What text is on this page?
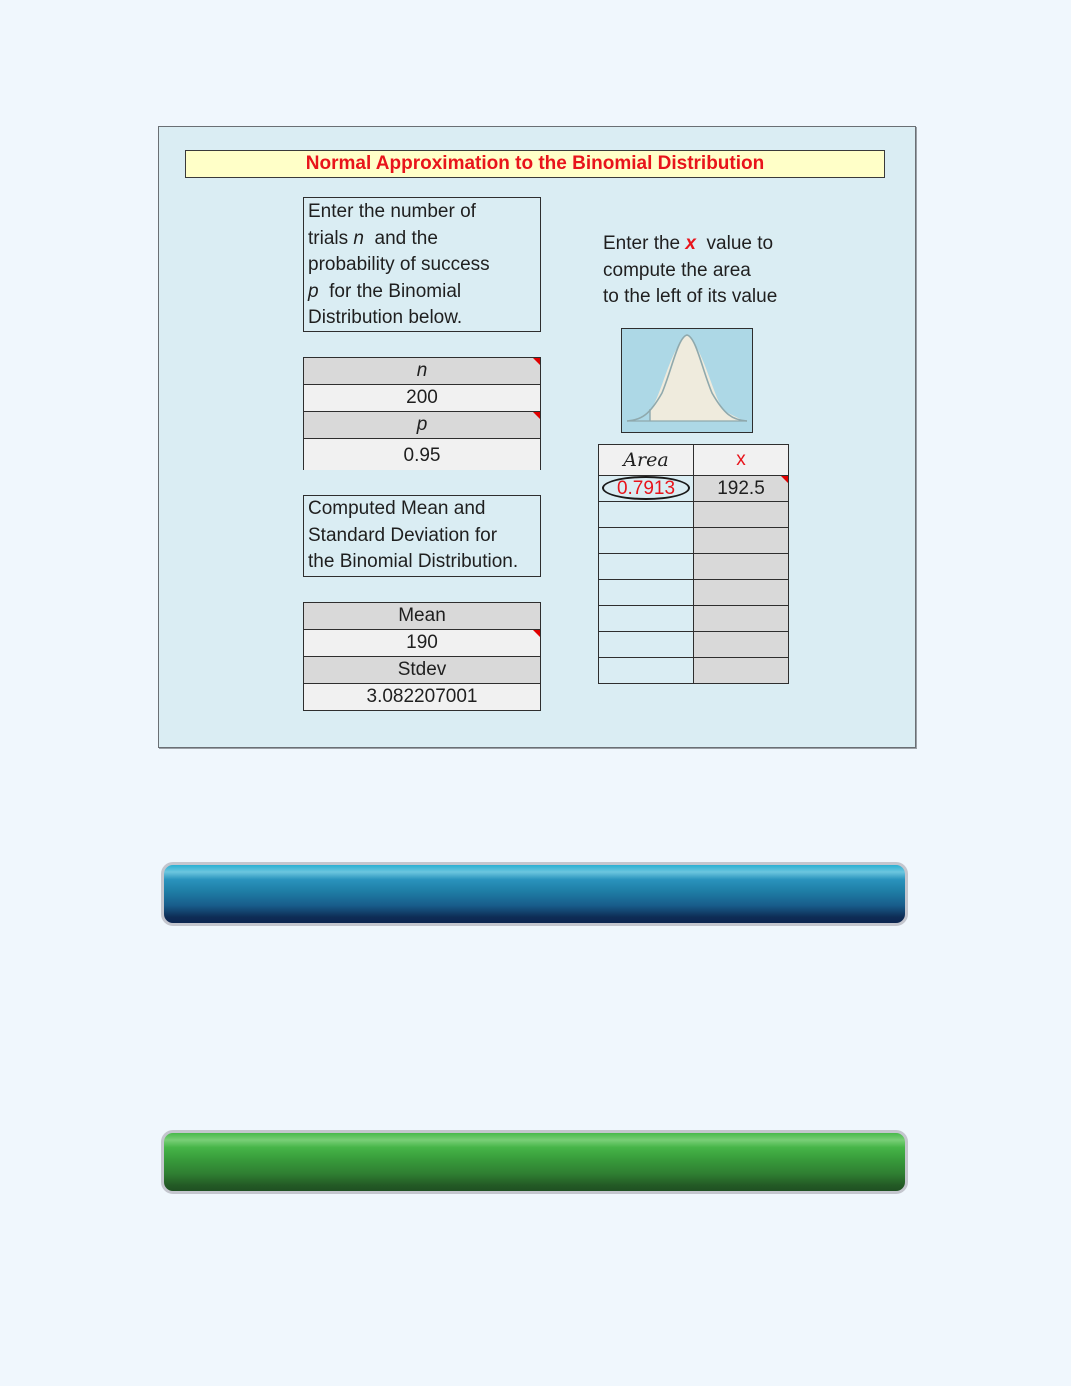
Normal Approximation to the Binomial Distribution
Enter the number of
trials n  and the
probability of success
p  for the Binomial
Distribution below.
n
200
p
0.95
Computed Mean and
Standard Deviation for
the Binomial Distribution.
Mean
190
Stdev
3.082207001
Enter the x  value to
compute the area
to the left of its value
Area	x

0.7913	192.5
